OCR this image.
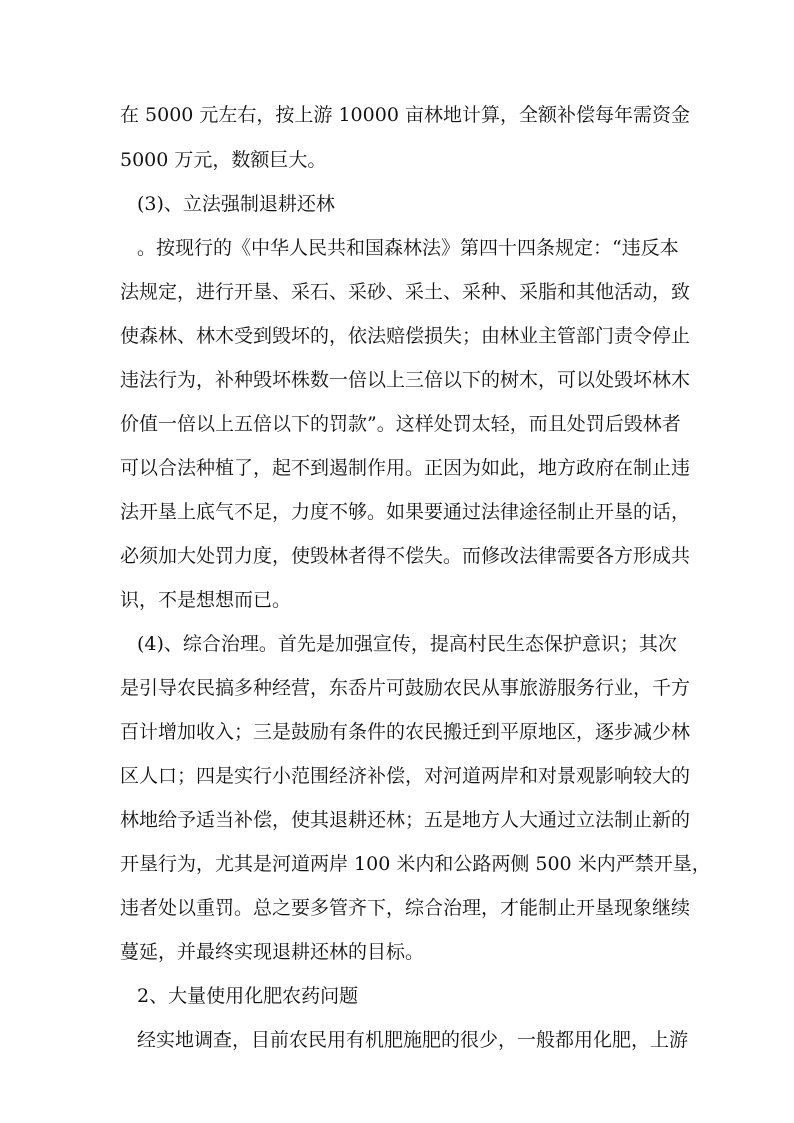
在 5000 元左右，按上游 10000 亩林地计算，全额补偿每年需资金
5000 万元，数额巨大。
(3)、立法强制退耕还林
。按现行的《中华人民共和国森林法》第四十四条规定：“违反本
法规定，进行开垦、采石、采砂、采土、采种、采脂和其他活动，致
使森林、林木受到毁坏的，依法赔偿损失；由林业主管部门责令停止
违法行为，补种毁坏株数一倍以上三倍以下的树木，可以处毁坏林木
价值一倍以上五倍以下的罚款”。这样处罚太轻，而且处罚后毁林者
可以合法种植了，起不到遏制作用。正因为如此，地方政府在制止违
法开垦上底气不足，力度不够。如果要通过法律途径制止开垦的话，
必须加大处罚力度，使毁林者得不偿失。而修改法律需要各方形成共
识，不是想想而已。
(4)、综合治理。首先是加强宣传，提高村民生态保护意识；其次
是引导农民搞多种经营，东岙片可鼓励农民从事旅游服务行业，千方
百计增加收入；三是鼓励有条件的农民搬迁到平原地区，逐步减少林
区人口；四是实行小范围经济补偿，对河道两岸和对景观影响较大的
林地给予适当补偿，使其退耕还林；五是地方人大通过立法制止新的
开垦行为，尤其是河道两岸 100 米内和公路两侧 500 米内严禁开垦，
违者处以重罚。总之要多管齐下，综合治理，才能制止开垦现象继续
蔓延，并最终实现退耕还林的目标。
2、大量使用化肥农药问题
经实地调查，目前农民用有机肥施肥的很少，一般都用化肥，上游
